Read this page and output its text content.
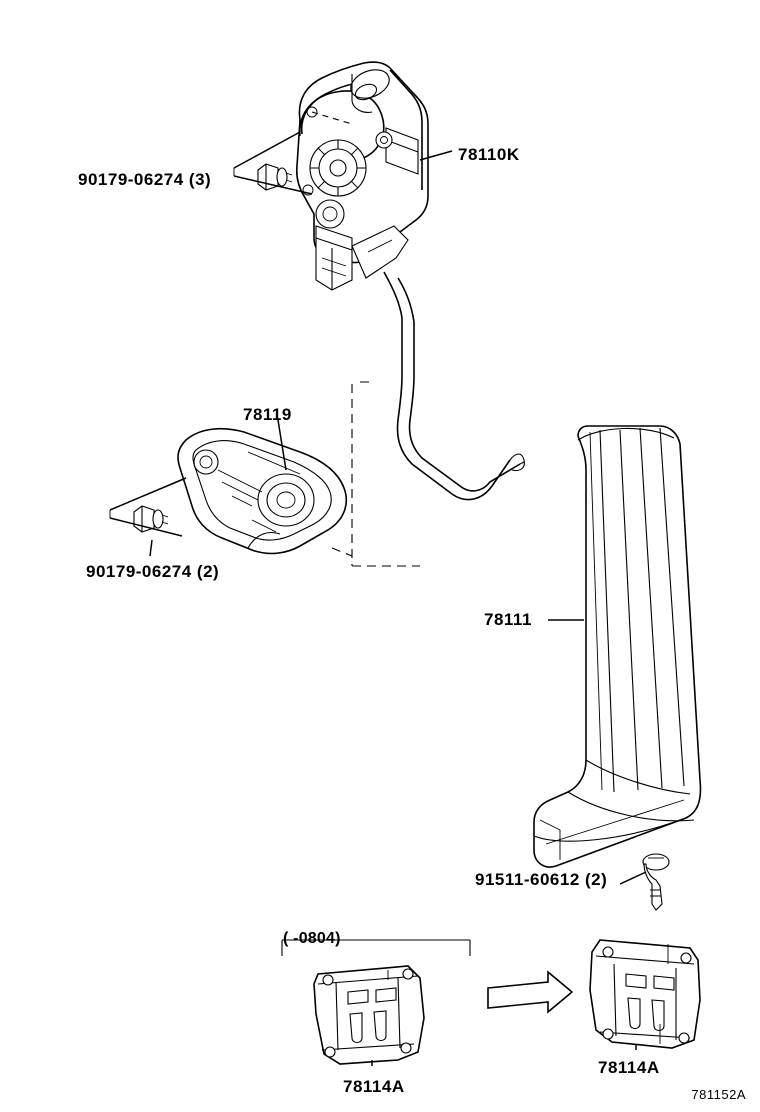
90179-06274 (3)
78110K
78119
90179-06274 (2)
78111
91511-60612 (2)
78114A
78114A
( -0804)
781152A
